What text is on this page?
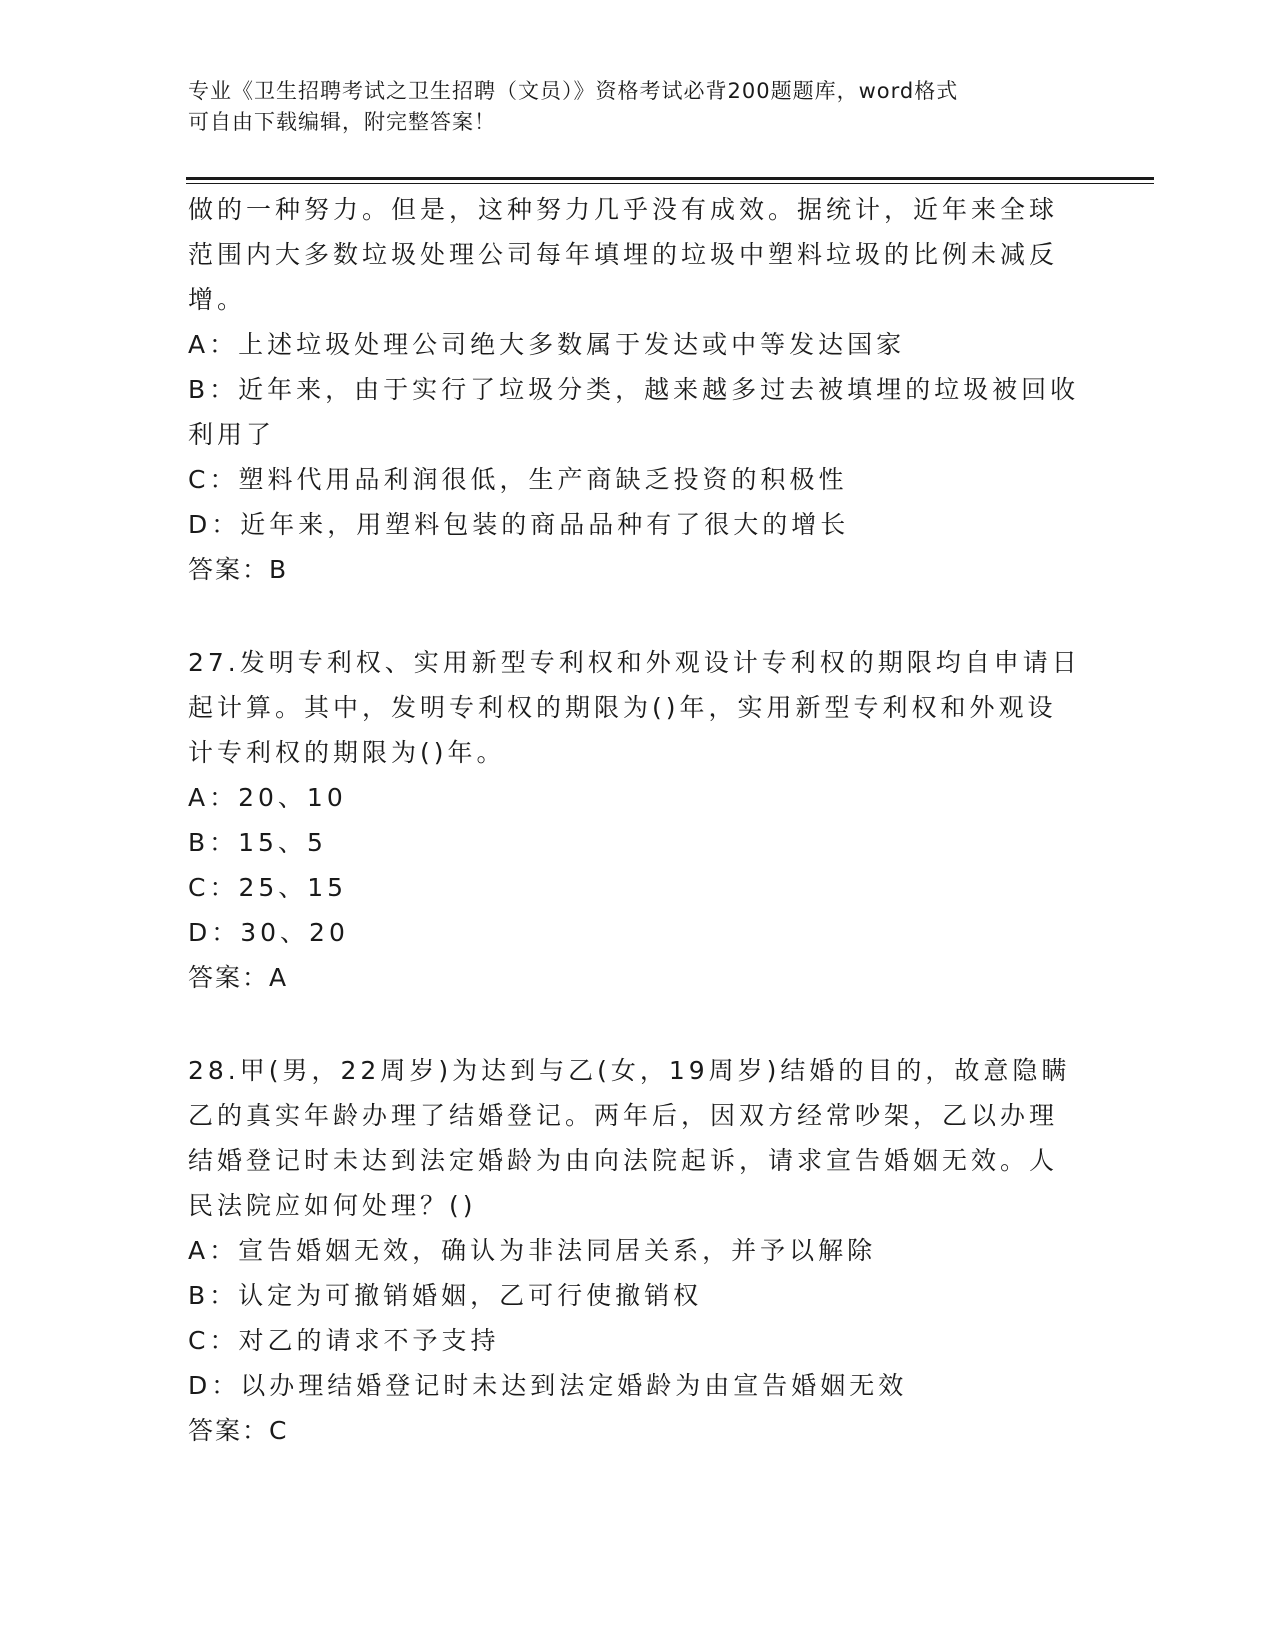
专业《卫生招聘考试之卫生招聘（文员）》资格考试必背200题题库，word格式
可自由下载编辑，附完整答案！
做的一种努力。但是，这种努力几乎没有成效。据统计，近年来全球
范围内大多数垃圾处理公司每年填埋的垃圾中塑料垃圾的比例未减反
增。
A：上述垃圾处理公司绝大多数属于发达或中等发达国家
B：近年来，由于实行了垃圾分类，越来越多过去被填埋的垃圾被回收
利用了
C：塑料代用品利润很低，生产商缺乏投资的积极性
D：近年来，用塑料包装的商品品种有了很大的增长
答案：B
27.发明专利权、实用新型专利权和外观设计专利权的期限均自申请日
起计算。其中，发明专利权的期限为()年，实用新型专利权和外观设
计专利权的期限为()年。
A：20、10
B：15、5
C：25、15
D：30、20
答案：A
28.甲(男，22周岁)为达到与乙(女，19周岁)结婚的目的，故意隐瞒
乙的真实年龄办理了结婚登记。两年后，因双方经常吵架，乙以办理
结婚登记时未达到法定婚龄为由向法院起诉，请求宣告婚姻无效。人
民法院应如何处理？()
A：宣告婚姻无效，确认为非法同居关系，并予以解除
B：认定为可撤销婚姻，乙可行使撤销权
C：对乙的请求不予支持
D：以办理结婚登记时未达到法定婚龄为由宣告婚姻无效
答案：C
